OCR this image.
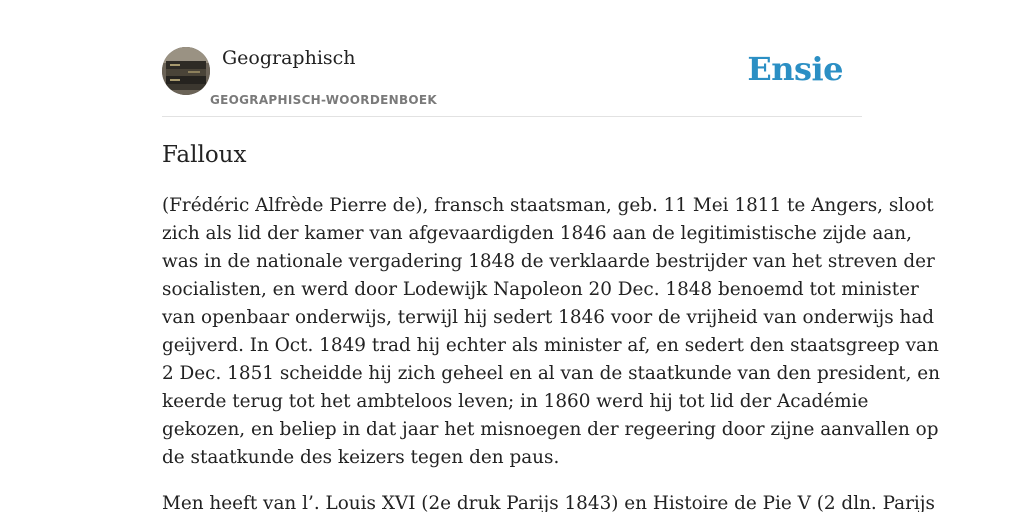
Geographisch
GEOGRAPHISCH-WOORDENBOEK
Ensie
Falloux

(Frédéric Alfrède Pierre de), fransch staatsman, geb. 11 Mei 1811 te Angers, sloot
zich als lid der kamer van afgevaardigden 1846 aan de legitimistische zijde aan,
was in de nationale vergadering 1848 de verklaarde bestrijder van het streven der
socialisten, en werd door Lodewijk Napoleon 20 Dec. 1848 benoemd tot minister
van openbaar onderwijs, terwijl hij sedert 1846 voor de vrijheid van onderwijs had
geijverd. In Oct. 1849 trad hij echter als minister af, en sedert den staatsgreep van
2 Dec. 1851 scheidde hij zich geheel en al van de staatkunde van den president, en
keerde terug tot het ambteloos leven; in 1860 werd hij tot lid der Académie
gekozen, en beliep in dat jaar het misnoegen der regeering door zijne aanvallen op
de staatkunde des keizers tegen den paus.

Men heeft van l’. Louis XVI (2e druk Parijs 1843) en Histoire de Pie V (2 dln. Parijs
